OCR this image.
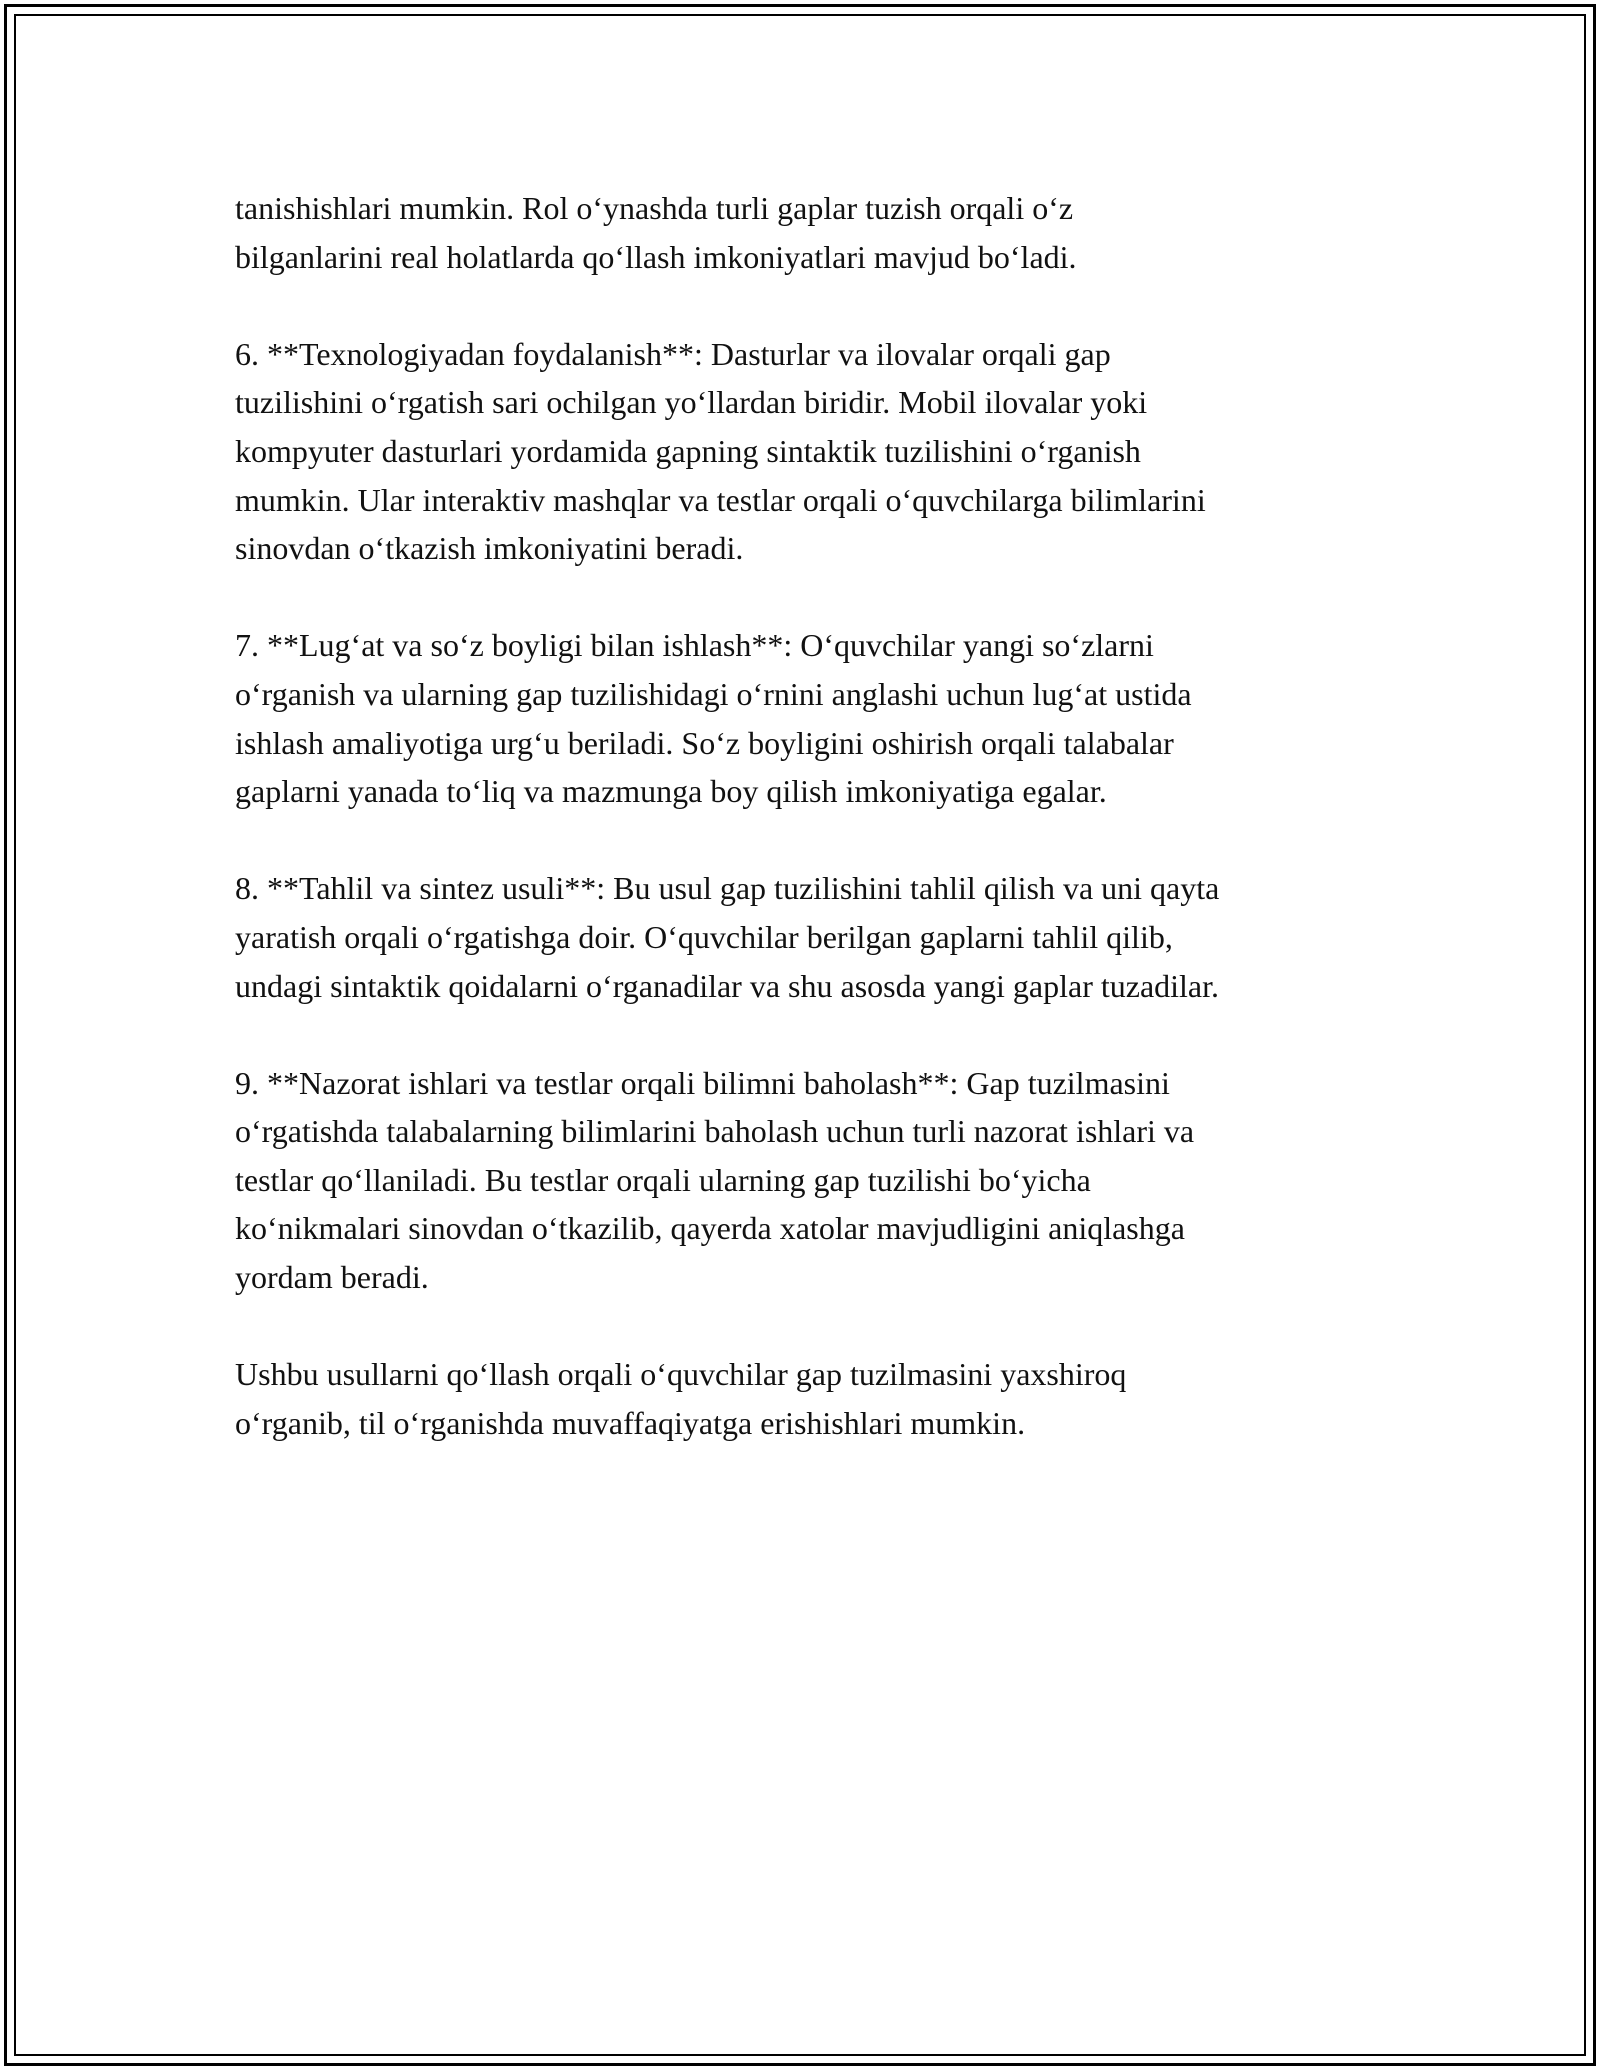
tanishishlari mumkin. Rol o‘ynashda turli gaplar tuzish orqali o‘z
bilganlarini real holatlarda qo‘llash imkoniyatlari mavjud bo‘ladi.

6. **Texnologiyadan foydalanish**: Dasturlar va ilovalar orqali gap
tuzilishini o‘rgatish sari ochilgan yo‘llardan biridir. Mobil ilovalar yoki
kompyuter dasturlari yordamida gapning sintaktik tuzilishini o‘rganish
mumkin. Ular interaktiv mashqlar va testlar orqali o‘quvchilarga bilimlarini
sinovdan o‘tkazish imkoniyatini beradi.

7. **Lug‘at va so‘z boyligi bilan ishlash**: O‘quvchilar yangi so‘zlarni
o‘rganish va ularning gap tuzilishidagi o‘rnini anglashi uchun lug‘at ustida
ishlash amaliyotiga urg‘u beriladi. So‘z boyligini oshirish orqali talabalar
gaplarni yanada to‘liq va mazmunga boy qilish imkoniyatiga egalar.

8. **Tahlil va sintez usuli**: Bu usul gap tuzilishini tahlil qilish va uni qayta
yaratish orqali o‘rgatishga doir. O‘quvchilar berilgan gaplarni tahlil qilib,
undagi sintaktik qoidalarni o‘rganadilar va shu asosda yangi gaplar tuzadilar.

9. **Nazorat ishlari va testlar orqali bilimni baholash**: Gap tuzilmasini
o‘rgatishda talabalarning bilimlarini baholash uchun turli nazorat ishlari va
testlar qo‘llaniladi. Bu testlar orqali ularning gap tuzilishi bo‘yicha
ko‘nikmalari sinovdan o‘tkazilib, qayerda xatolar mavjudligini aniqlashga
yordam beradi.

Ushbu usullarni qo‘llash orqali o‘quvchilar gap tuzilmasini yaxshiroq
o‘rganib, til o‘rganishda muvaffaqiyatga erishishlari mumkin.
